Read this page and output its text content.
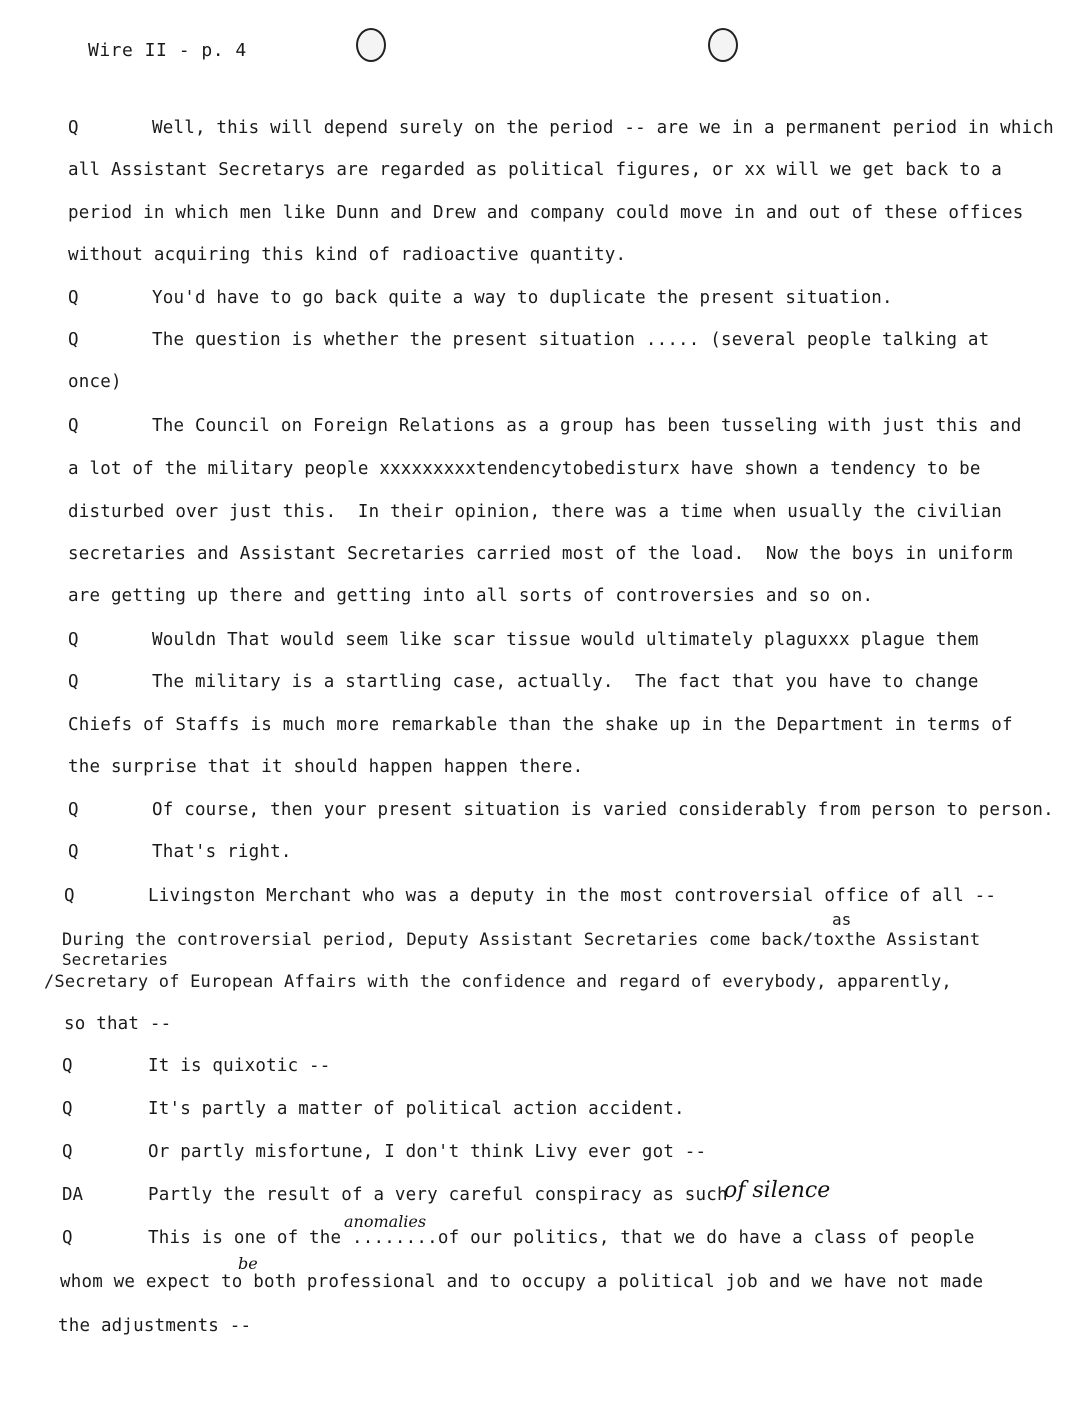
Wire II - p. 4
Q	Well, this will depend surely on the period -- are we in a permanent period in which
all Assistant Secretarys are regarded as political figures, or xx will we get back to a
period in which men like Dunn and Drew and company could move in and out of these offices
without acquiring this kind of radioactive quantity.
Q	You'd have to go back quite a way to duplicate the present situation.
Q	The question is whether the present situation ..... (several people talking at
once)
Q	The Council on Foreign Relations as a group has been tusseling with just this and
a lot of the military people xxxxxxxxxtendencytobedisturx have shown a tendency to be
disturbed over just this.  In their opinion, there was a time when usually the civilian
secretaries and Assistant Secretaries carried most of the load.  Now the boys in uniform
are getting up there and getting into all sorts of controversies and so on.
Q	Wouldn That would seem like scar tissue would ultimately plaguxxx plague them
Q	The military is a startling case, actually.  The fact that you have to change
Chiefs of Staffs is much more remarkable than the shake up in the Department in terms of
the surprise that it should happen happen there.
Q	Of course, then your present situation is varied considerably from person to person.
Q	That's right.
Q	Livingston Merchant who was a deputy in the most controversial office of all --
as
During the controversial period, Deputy Assistant Secretaries come back/toxthe Assistant
Secretaries
/Secretary of European Affairs with the confidence and regard of everybody, apparently,
so that --
Q	It is quixotic --
Q	It's partly a matter of political action accident.
Q	Or partly misfortune, I don't think Livy ever got --
DA	Partly the result of a very careful conspiracy as such
of silence
anomalies
Q	This is one of the ........of our politics, that we do have a class of people
be
whom we expect to both professional and to occupy a political job and we have not made
the adjustments --
